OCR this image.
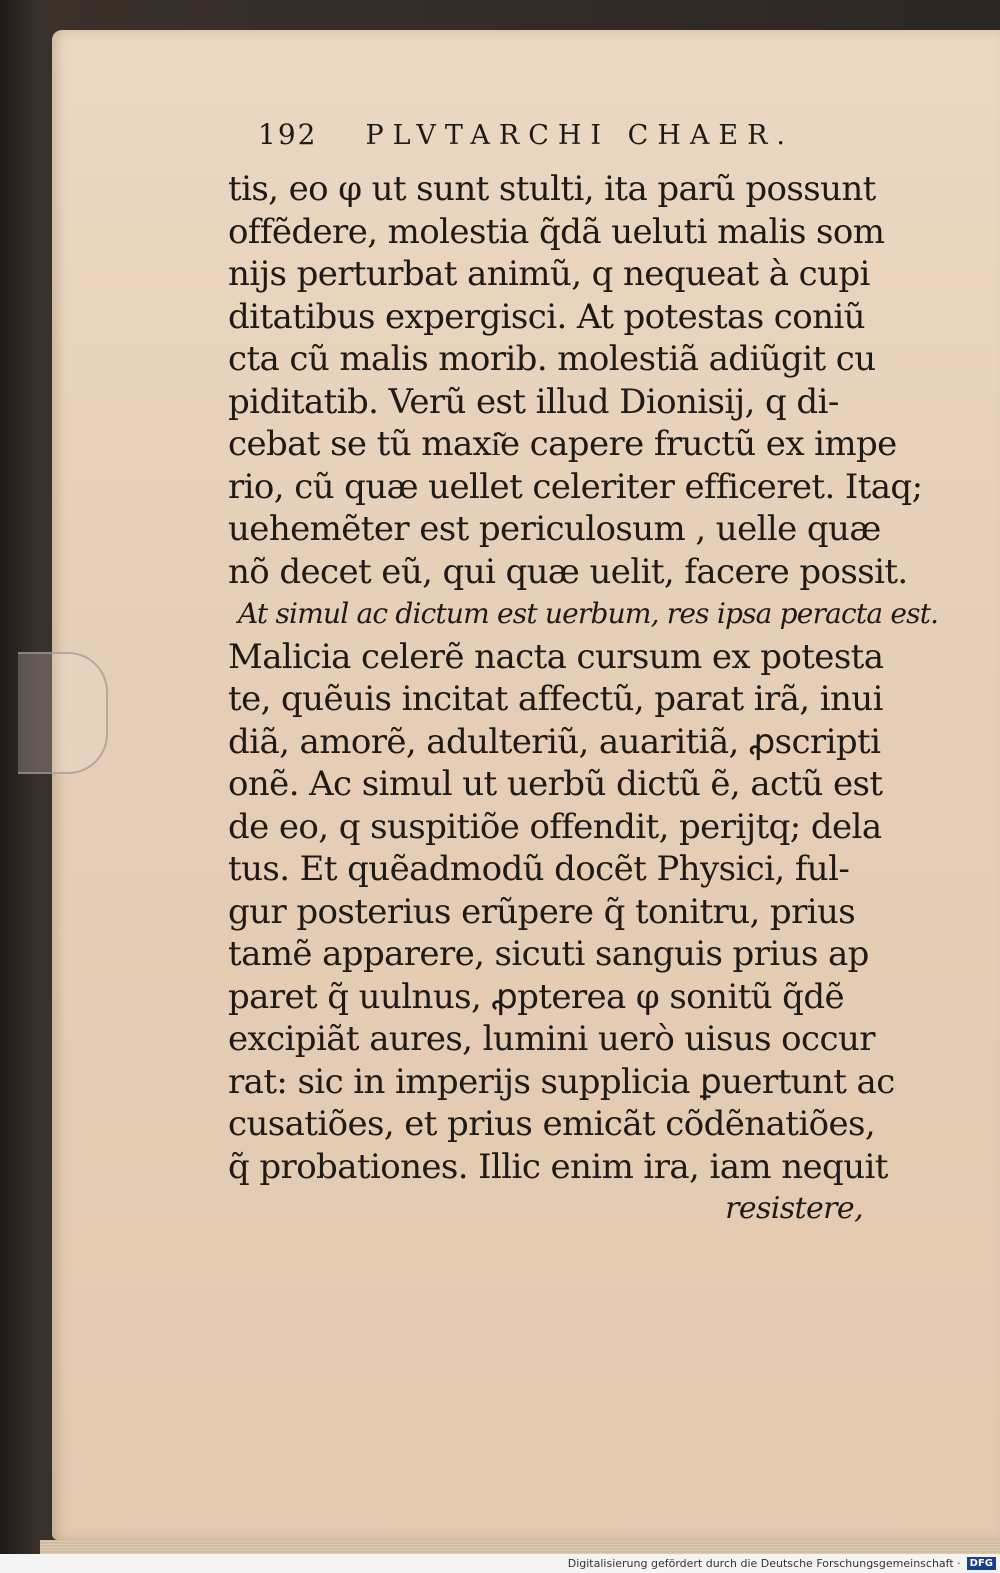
192 PLVTARCHI CHAER.
tis, eo φ ut sunt stulti, ita parũ possunt
offẽdere, molestia q̃dã ueluti malis som
nijs perturbat animũ, q nequeat à cupi
ditatibus expergisci. At potestas coniũ
cta cũ malis morib. molestiã adiũgit cu
piditatib. Verũ est illud Dionisij, q di-
cebat se tũ maxi͂e capere fructũ ex impe
rio, cũ quæ uellet celeriter efficeret. Itaq;
uehemẽter est periculosum , uelle quæ
nõ decet eũ, qui quæ uelit, facere possit.
At simul ac dictum est uerbum, res ipsa peracta est.
Malicia celerẽ nacta cursum ex potesta
te, quẽuis incitat affectũ, parat irã, inui
diã, amorẽ, adulteriũ, auaritiã, ꝓscripti
onẽ. Ac simul ut uerbũ dictũ ẽ, actũ est
de eo, q suspitiõe offendit, perijtq; dela
tus. Et quẽadmodũ docẽt Physici, ful-
gur posterius erũpere q̃ tonitru, prius
tamẽ apparere, sicuti sanguis prius ap
paret q̃ uulnus, ꝓpterea φ sonitũ q̃dẽ
excipiãt aures, lumini uerò uisus occur
rat: sic in imperijs supplicia ꝑuertunt ac
cusatiões, et prius emicãt cõdẽnatiões,
q̃ probationes. Illic enim ira, iam nequit
resistere,
Digitalisierung gefördert durch die Deutsche Forschungsgemeinschaft · DFG
